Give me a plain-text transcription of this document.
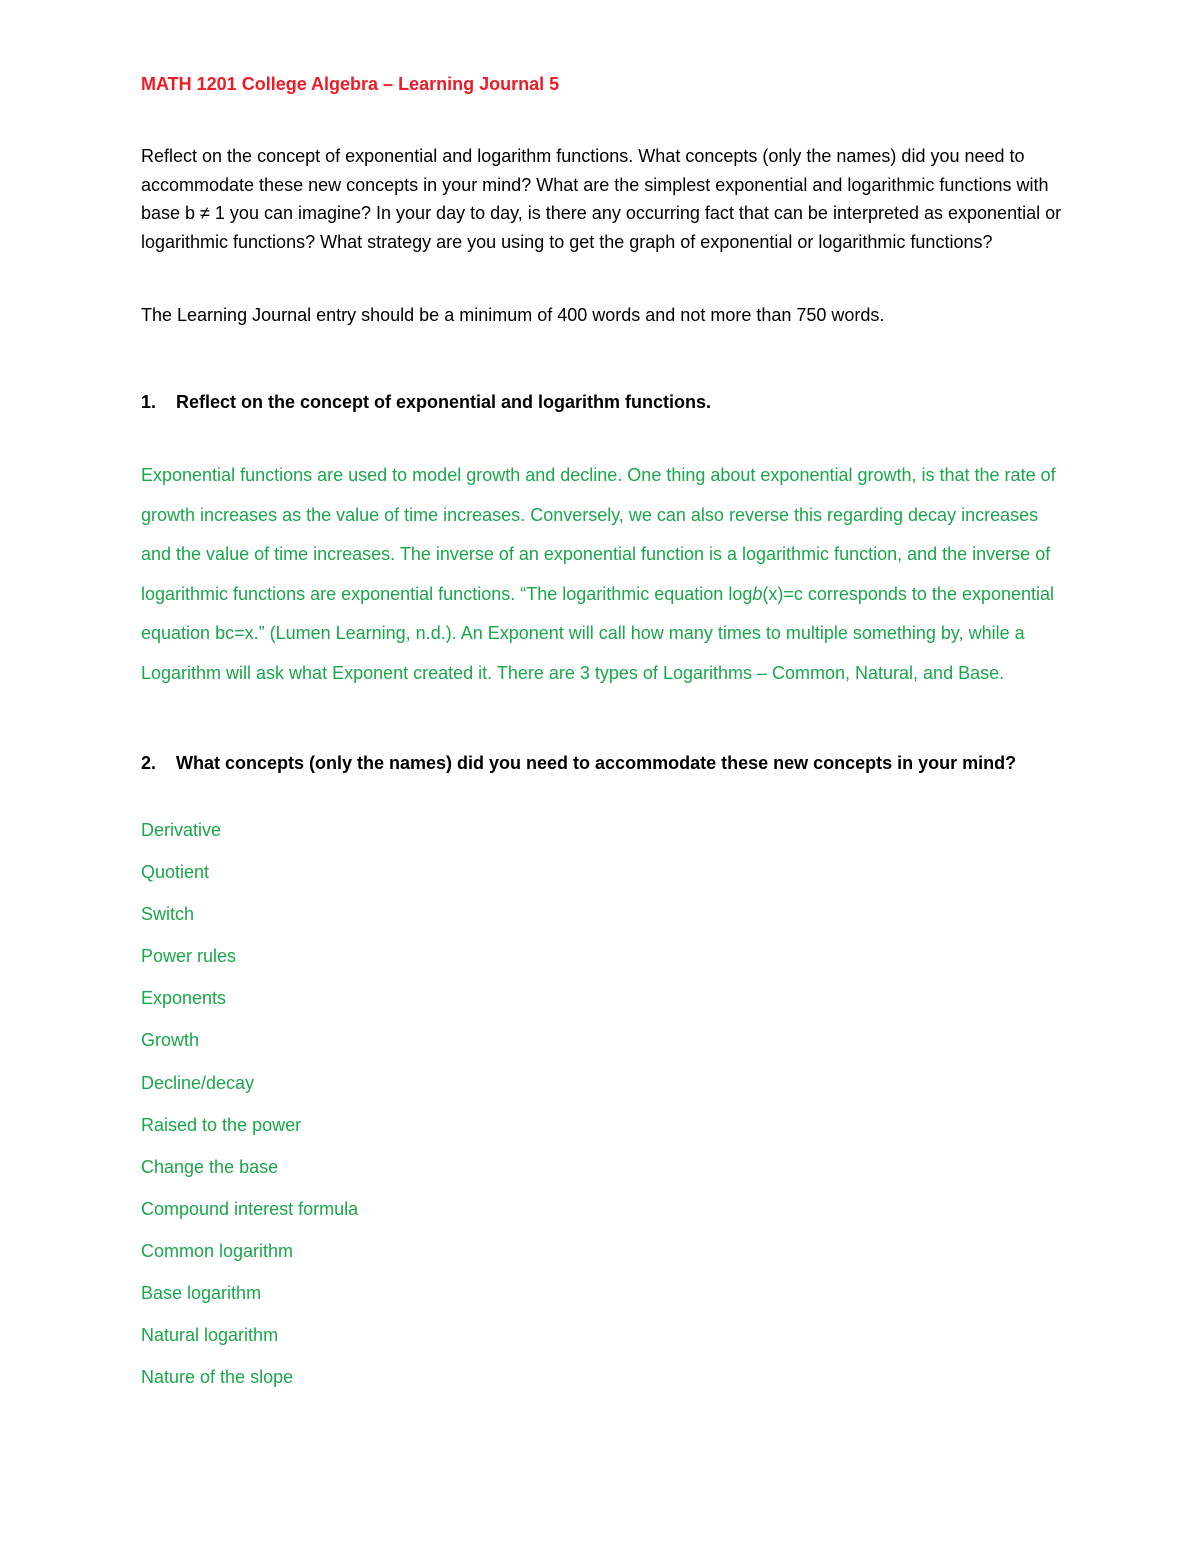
MATH 1201 College Algebra – Learning Journal 5

Reflect on the concept of exponential and logarithm functions. What concepts (only the names) did you need to accommodate these new concepts in your mind? What are the simplest exponential and logarithmic functions with base b ≠ 1 you can imagine? In your day to day, is there any occurring fact that can be interpreted as exponential or logarithmic functions? What strategy are you using to get the graph of exponential or logarithmic functions?

The Learning Journal entry should be a minimum of 400 words and not more than 750 words.

1. Reflect on the concept of exponential and logarithm functions.

Exponential functions are used to model growth and decline. One thing about exponential growth, is that the rate of growth increases as the value of time increases. Conversely, we can also reverse this regarding decay increases and the value of time increases. The inverse of an exponential function is a logarithmic function, and the inverse of logarithmic functions are exponential functions. “The logarithmic equation logb(x)=c corresponds to the exponential equation bc=x.” (Lumen Learning, n.d.). An Exponent will call how many times to multiple something by, while a Logarithm will ask what Exponent created it. There are 3 types of Logarithms – Common, Natural, and Base.

2. What concepts (only the names) did you need to accommodate these new concepts in your mind?
Derivative
Quotient
Switch
Power rules
Exponents
Growth
Decline/decay
Raised to the power
Change the base
Compound interest formula
Common logarithm
Base logarithm
Natural logarithm
Nature of the slope
